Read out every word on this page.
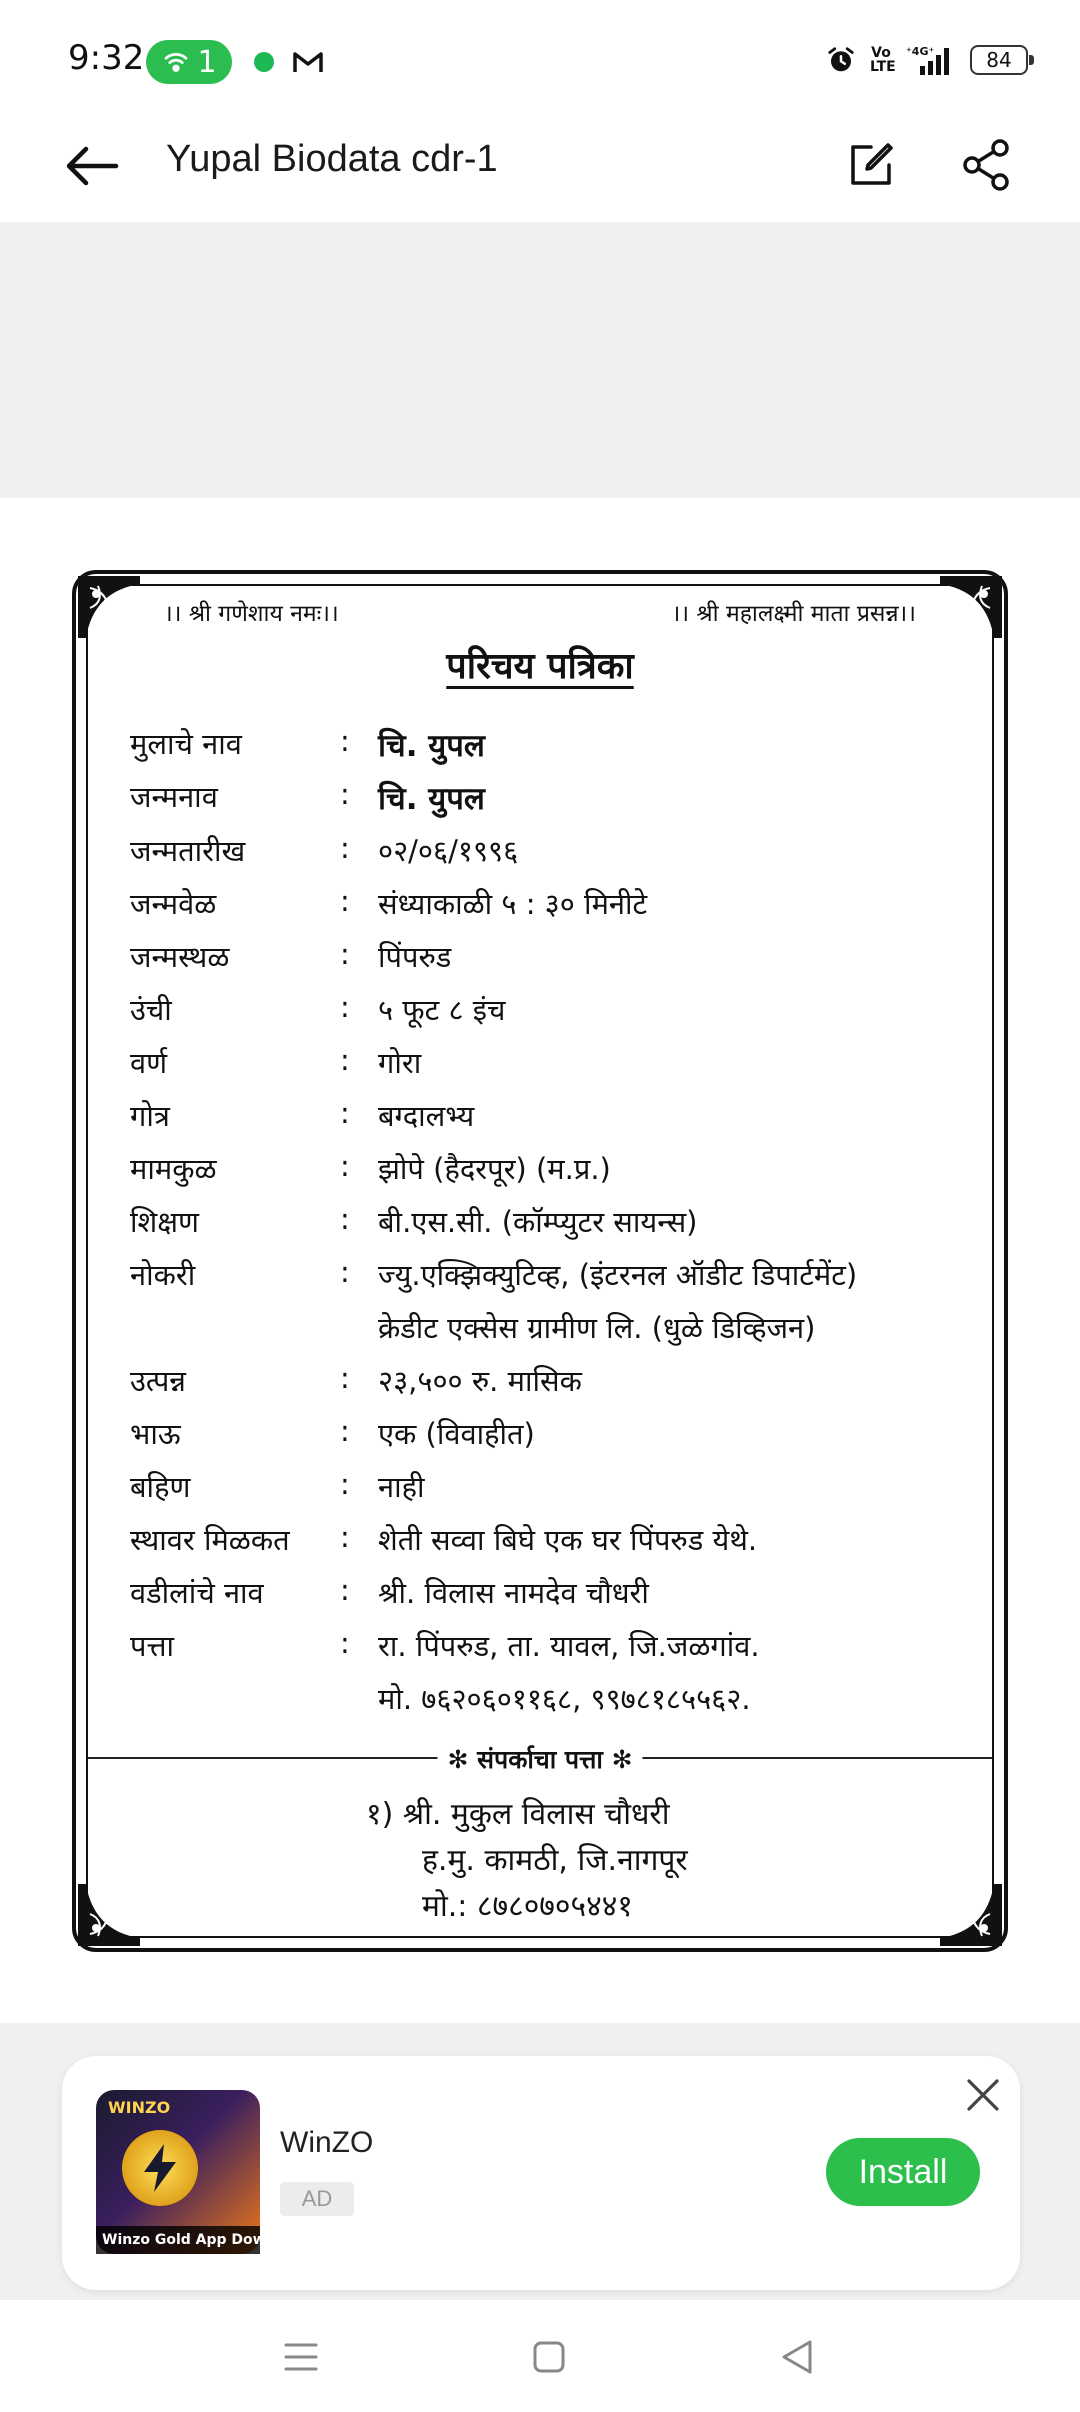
9:32 1	Vo
LTE
⁺4G⁺	84
Yupal Biodata cdr-1
।। श्री गणेशाय नमः।।	।। श्री महालक्ष्मी माता प्रसन्न।।
परिचय पत्रिका
मुलाचे नाव	: चि. युपल
जन्मनाव	: चि. युपल
जन्मतारीख	: ०२/०६/१९९६
जन्मवेळ	: संध्याकाळी ५ : ३० मिनीटे
जन्मस्थळ	: पिंपरुड
उंची	: ५ फूट ८ इंच
वर्ण	: गोरा
गोत्र	: बग्दालभ्य
मामकुळ	: झोपे (हैदरपूर) (म.प्र.)
शिक्षण	: बी.एस.सी. (कॉम्प्युटर सायन्स)
नोकरी	: ज्यु.एक्झिक्युटिव्ह, (इंटरनल ऑडीट डिपार्टमेंट)
क्रेडीट एक्सेस ग्रामीण लि. (धुळे डिव्हिजन)
उत्पन्न	: २३,५०० रु. मासिक
भाऊ	: एक (विवाहीत)
बहिण	: नाही
स्थावर मिळकत : शेती सव्वा बिघे एक घर पिंपरुड येथे.
वडीलांचे नाव	: श्री. विलास नामदेव चौधरी
पत्ता	: रा. पिंपरुड, ता. यावल, जि.जळगांव.
मो. ७६२०६०११६८, ९९७८१८५५६२.
✻ संपर्काचा पत्ता ✻
१) श्री. मुकुल विलास चौधरी
ह.मु. कामठी, जि.नागपूर
मो.: ८७८०७०५४४१
WINZO
Winzo Gold App Download
WinZO
AD
Install
